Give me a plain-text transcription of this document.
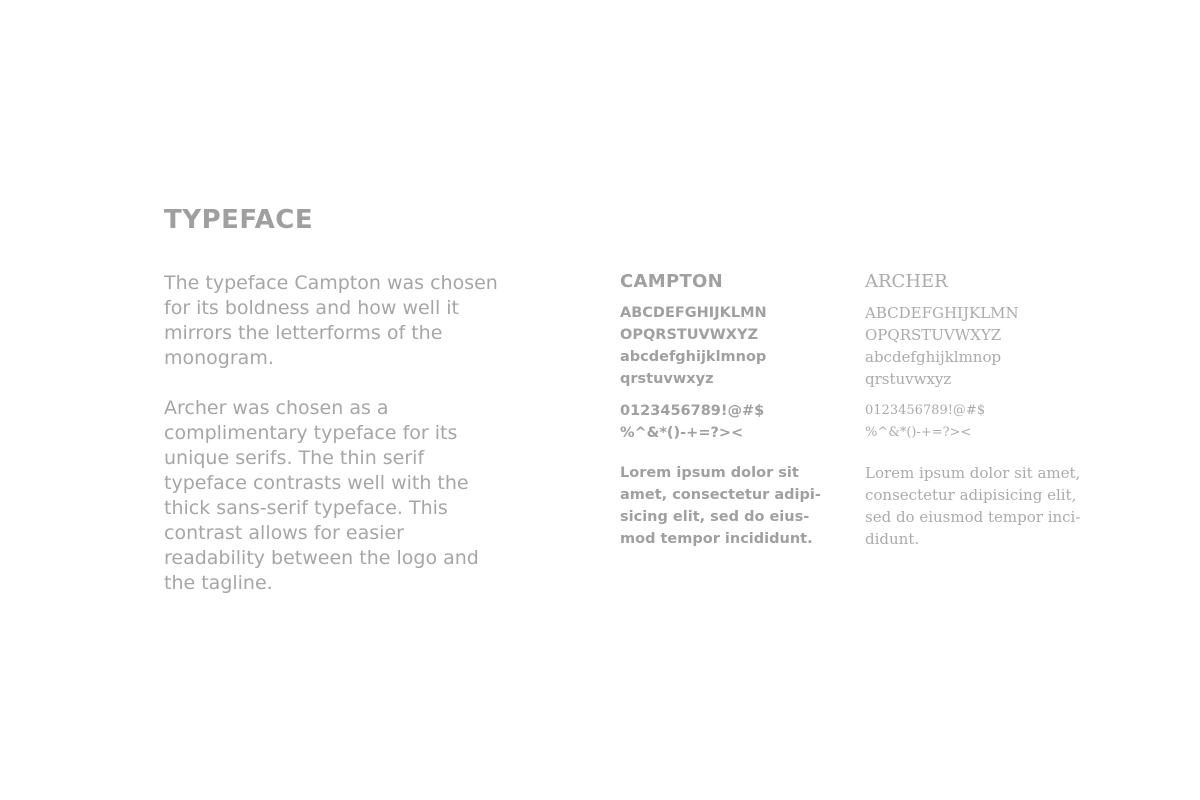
TYPEFACE

The typeface Campton was chosen
for its boldness and how well it
mirrors the letterforms of the
monogram.

Archer was chosen as a
complimentary typeface for its
unique serifs. The thin serif
typeface contrasts well with the
thick sans-serif typeface. This
contrast allows for easier
readability between the logo and
the tagline.

CAMPTON
ABCDEFGHIJKLMN
OPQRSTUVWXYZ
abcdefghijklmnop
qrstuvwxyz
0123456789!@#$
%^&*()-+=?><
Lorem ipsum dolor sit
amet, consectetur adipi-
sicing elit, sed do eius-
mod tempor incididunt.
ARCHER
ABCDEFGHIJKLMN
OPQRSTUVWXYZ
abcdefghijklmnop
qrstuvwxyz
0123456789!@#$
%^&*()-+=?><
Lorem ipsum dolor sit amet,
consectetur adipisicing elit,
sed do eiusmod tempor inci-
didunt.
